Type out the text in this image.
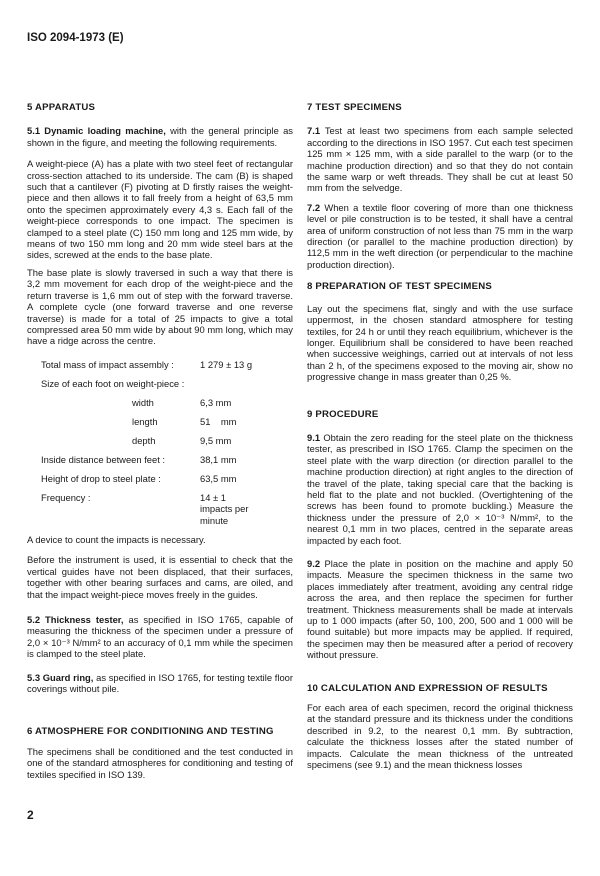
ISO 2094-1973 (E)
5 APPARATUS
5.1 Dynamic loading machine, with the general principle as shown in the figure, and meeting the following requirements.
A weight-piece (A) has a plate with two steel feet of rectangular cross-section attached to its underside. The cam (B) is shaped such that a cantilever (F) pivoting at D firstly raises the weight-piece and then allows it to fall freely from a height of 63,5 mm onto the specimen approximately every 4,3 s. Each fall of the weight-piece corresponds to one impact. The specimen is clamped to a steel plate (C) 150 mm long and 125 mm wide, by means of two 150 mm long and 20 mm wide steel bars at the sides, screwed at the ends to the base plate.
The base plate is slowly traversed in such a way that there is 3,2 mm movement for each drop of the weight-piece and the return traverse is 1,6 mm out of step with the forward traverse. A complete cycle (one forward traverse and one reverse traverse) is made for a total of 25 impacts to give a total compressed area 50 mm wide by about 90 mm long, which may have a ridge across the centre.
Total mass of impact assembly :	1 279 ± 13 g
Size of each foot on weight-piece :
width	6,3 mm
length	51    mm
depth	9,5 mm
Inside distance between feet :	38,1 mm
Height of drop to steel plate :	63,5 mm
Frequency :	14 ± 1
impacts per
minute
A device to count the impacts is necessary.
Before the instrument is used, it is essential to check that the vertical guides have not been displaced, that their surfaces, together with other bearing surfaces and cams, are oiled, and that the impact weight-piece moves freely in the guides.
5.2 Thickness tester, as specified in ISO 1765, capable of measuring the thickness of the specimen under a pressure of 2,0 × 10⁻³ N/mm² to an accuracy of 0,1 mm while the specimen is clamped to the steel plate.
5.3 Guard ring, as specified in ISO 1765, for testing textile floor coverings without pile.
6 ATMOSPHERE FOR CONDITIONING AND TESTING
The specimens shall be conditioned and the test conducted in one of the standard atmospheres for conditioning and testing of textiles specified in ISO 139.
2
7 TEST SPECIMENS
7.1 Test at least two specimens from each sample selected according to the directions in ISO 1957. Cut each test specimen 125 mm × 125 mm, with a side parallel to the warp (or to the machine production direction) and so that they do not contain the same warp or weft threads. They shall be cut at least 50 mm from the selvedge.
7.2 When a textile floor covering of more than one thickness level or pile construction is to be tested, it shall have a central area of uniform construction of not less than 75 mm in the warp direction (or parallel to the machine production direction) by 112,5 mm in the weft direction (or perpendicular to the machine production direction).
8 PREPARATION OF TEST SPECIMENS
Lay out the specimens flat, singly and with the use surface uppermost, in the chosen standard atmosphere for testing textiles, for 24 h or until they reach equilibrium, whichever is the longer. Equilibrium shall be considered to have been reached when successive weighings, carried out at intervals of not less than 2 h, of the specimens exposed to the moving air, show no progressive change in mass greater than 0,25 %.
9 PROCEDURE
9.1 Obtain the zero reading for the steel plate on the thickness tester, as prescribed in ISO 1765. Clamp the specimen on the steel plate with the warp direction (or direction parallel to the machine production direction) at right angles to the direction of the travel of the plate, taking special care that the backing is held flat to the plate and not buckled. (Overtightening of the screws has been found to promote buckling.) Measure the thickness under the pressure of 2,0 × 10⁻³ N/mm², to the nearest 0,1 mm in two places, centred in the separate areas impacted by each foot.
9.2 Place the plate in position on the machine and apply 50 impacts. Measure the specimen thickness in the same two places immediately after treatment, avoiding any central ridge across the area, and then replace the specimen for further treatment. Thickness measurements shall be made at intervals up to 1 000 impacts (after 50, 100, 200, 500 and 1 000 will be found suitable) but more impacts may be applied. If required, the specimen may then be measured after a period of recovery without pressure.
10 CALCULATION AND EXPRESSION OF RESULTS
For each area of each specimen, record the original thickness at the standard pressure and its thickness under the conditions described in 9.2, to the nearest 0,1 mm. By subtraction, calculate the thickness losses after the stated number of impacts. Calculate the mean thickness of the untreated specimens (see 9.1) and the mean thickness losses
